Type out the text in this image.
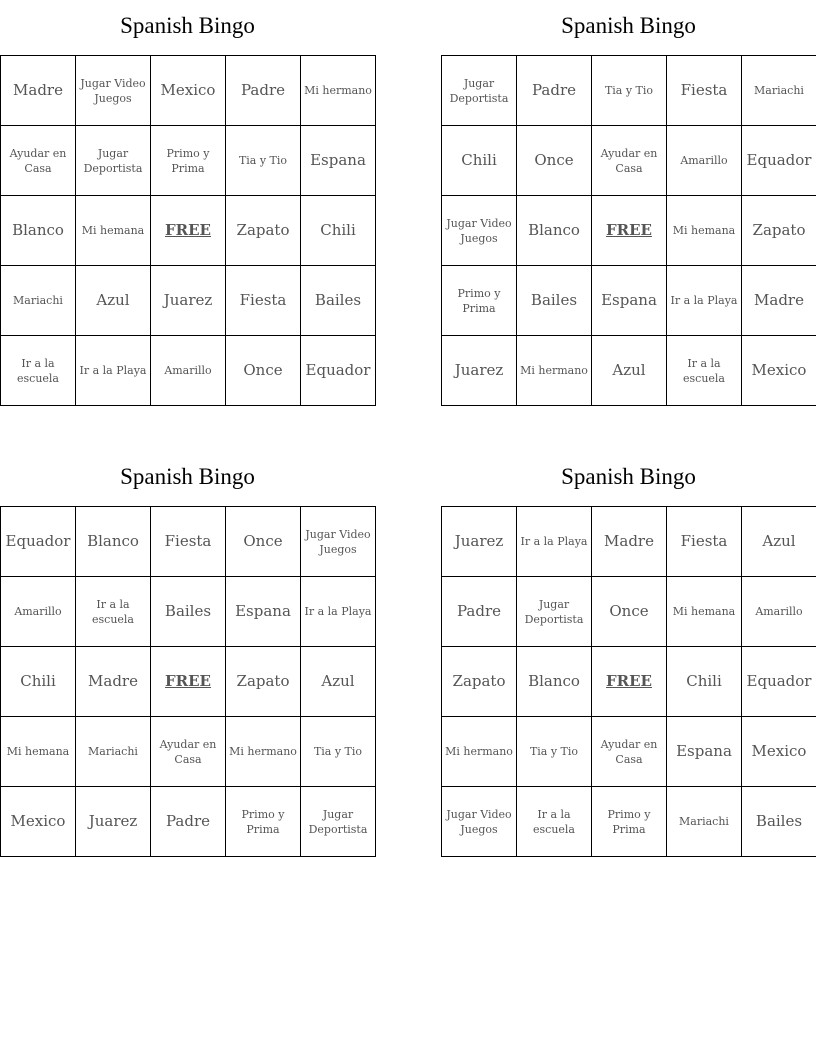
Spanish Bingo
Madre	Jugar Video Juegos	Mexico	Padre	Mi hermano
Ayudar en Casa	Jugar Deportista	Primo y Prima	Tia y Tio	Espana
Blanco	Mi hemana	FREE	Zapato	Chili
Mariachi	Azul	Juarez	Fiesta	Bailes
Ir a la escuela	Ir a la Playa	Amarillo	Once	Equador
Spanish Bingo
Jugar Deportista	Padre	Tia y Tio	Fiesta	Mariachi
Chili	Once	Ayudar en Casa	Amarillo	Equador
Jugar Video Juegos	Blanco	FREE	Mi hemana	Zapato
Primo y Prima	Bailes	Espana	Ir a la Playa	Madre
Juarez	Mi hermano	Azul	Ir a la escuela	Mexico
Spanish Bingo
Equador	Blanco	Fiesta	Once	Jugar Video Juegos
Amarillo	Ir a la escuela	Bailes	Espana	Ir a la Playa
Chili	Madre	FREE	Zapato	Azul
Mi hemana	Mariachi	Ayudar en Casa	Mi hermano	Tia y Tio
Mexico	Juarez	Padre	Primo y Prima	Jugar Deportista
Spanish Bingo
Juarez	Ir a la Playa	Madre	Fiesta	Azul
Padre	Jugar Deportista	Once	Mi hemana	Amarillo
Zapato	Blanco	FREE	Chili	Equador
Mi hermano	Tia y Tio	Ayudar en Casa	Espana	Mexico
Jugar Video Juegos	Ir a la escuela	Primo y Prima	Mariachi	Bailes
